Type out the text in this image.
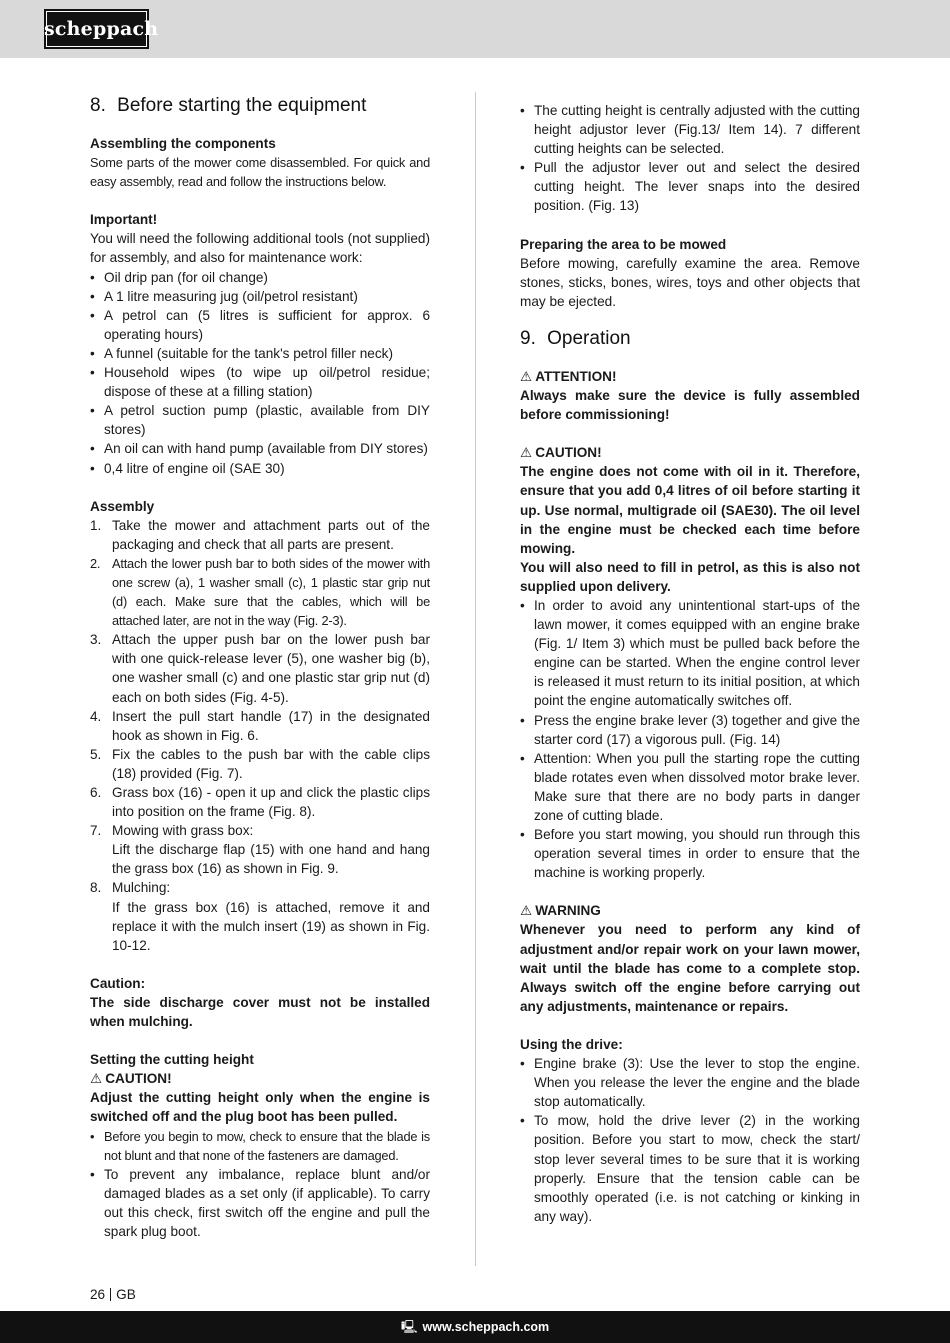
scheppach
8. Before starting the equipment

Assembling the components

Some parts of the mower come disassembled. For quick and easy assembly, read and follow the instructions below.

Important!

You will need the following additional tools (not supplied) for assembly, and also for maintenance work:

• Oil drip pan (for oil change)
• A 1 litre measuring jug (oil/petrol resistant)
• A petrol can (5 litres is sufficient for approx. 6 operating hours)
• A funnel (suitable for the tank's petrol filler neck)
• Household wipes (to wipe up oil/petrol residue; dispose of these at a filling station)
• A petrol suction pump (plastic, available from DIY stores)
• An oil can with hand pump (available from DIY stores)
• 0,4 litre of engine oil (SAE 30)

Assembly

1. Take the mower and attachment parts out of the packaging and check that all parts are present.
2. Attach the lower push bar to both sides of the mower with one screw (a), 1 washer small (c), 1 plastic star grip nut (d) each. Make sure that the cables, which will be attached later, are not in the way (Fig. 2-3).
3. Attach the upper push bar on the lower push bar with one quick-release lever (5), one washer big (b), one washer small (c) and one plastic star grip nut (d) each on both sides (Fig. 4-5).
4. Insert the pull start handle (17) in the designated hook as shown in Fig. 6.
5. Fix the cables to the push bar with the cable clips (18) provided (Fig. 7).
6. Grass box (16) - open it up and click the plastic clips into position on the frame (Fig. 8).
7. Mowing with grass box:
Lift the discharge flap (15) with one hand and hang the grass box (16) as shown in Fig. 9.
8. Mulching:
If the grass box (16) is attached, remove it and replace it with the mulch insert (19) as shown in Fig. 10-12.

Caution:

The side discharge cover must not be installed when mulching.

Setting the cutting height

⚠ CAUTION!

Adjust the cutting height only when the engine is switched off and the plug boot has been pulled.

• Before you begin to mow, check to ensure that the blade is not blunt and that none of the fasteners are damaged.
• To prevent any imbalance, replace blunt and/or damaged blades as a set only (if applicable). To carry out this check, first switch off the engine and pull the spark plug boot.
• The cutting height is centrally adjusted with the cutting height adjustor lever (Fig.13/ Item 14). 7 different cutting heights can be selected.
• Pull the adjustor lever out and select the desired cutting height. The lever snaps into the desired position. (Fig. 13)

Preparing the area to be mowed

Before mowing, carefully examine the area. Remove stones, sticks, bones, wires, toys and other objects that may be ejected.

9. Operation

⚠ ATTENTION!

Always make sure the device is fully assembled before commissioning!

⚠ CAUTION!

The engine does not come with oil in it. Therefore, ensure that you add 0,4 litres of oil before starting it up. Use normal, multigrade oil (SAE30). The oil level in the engine must be checked each time before mowing.

You will also need to fill in petrol, as this is also not supplied upon delivery.

• In order to avoid any unintentional start-ups of the lawn mower, it comes equipped with an engine brake (Fig. 1/ Item 3) which must be pulled back before the engine can be started. When the engine control lever is released it must return to its initial position, at which point the engine automatically switches off.
• Press the engine brake lever (3) together and give the starter cord (17) a vigorous pull. (Fig. 14)
• Attention: When you pull the starting rope the cutting blade rotates even when dissolved motor brake lever. Make sure that there are no body parts in danger zone of cutting blade.
• Before you start mowing, you should run through this operation several times in order to ensure that the machine is working properly.

⚠ WARNING

Whenever you need to perform any kind of adjustment and/or repair work on your lawn mower, wait until the blade has come to a complete stop. Always switch off the engine before carrying out any adjustments, maintenance or repairs.

Using the drive:

• Engine brake (3): Use the lever to stop the engine. When you release the lever the engine and the blade stop automatically.
• To mow, hold the drive lever (2) in the working position. Before you start to mow, check the start/ stop lever several times to be sure that it is working properly. Ensure that the tension cable can be smoothly operated (i.e. is not catching or kinking in any way).
26 GB
🖳 www.scheppach.com
